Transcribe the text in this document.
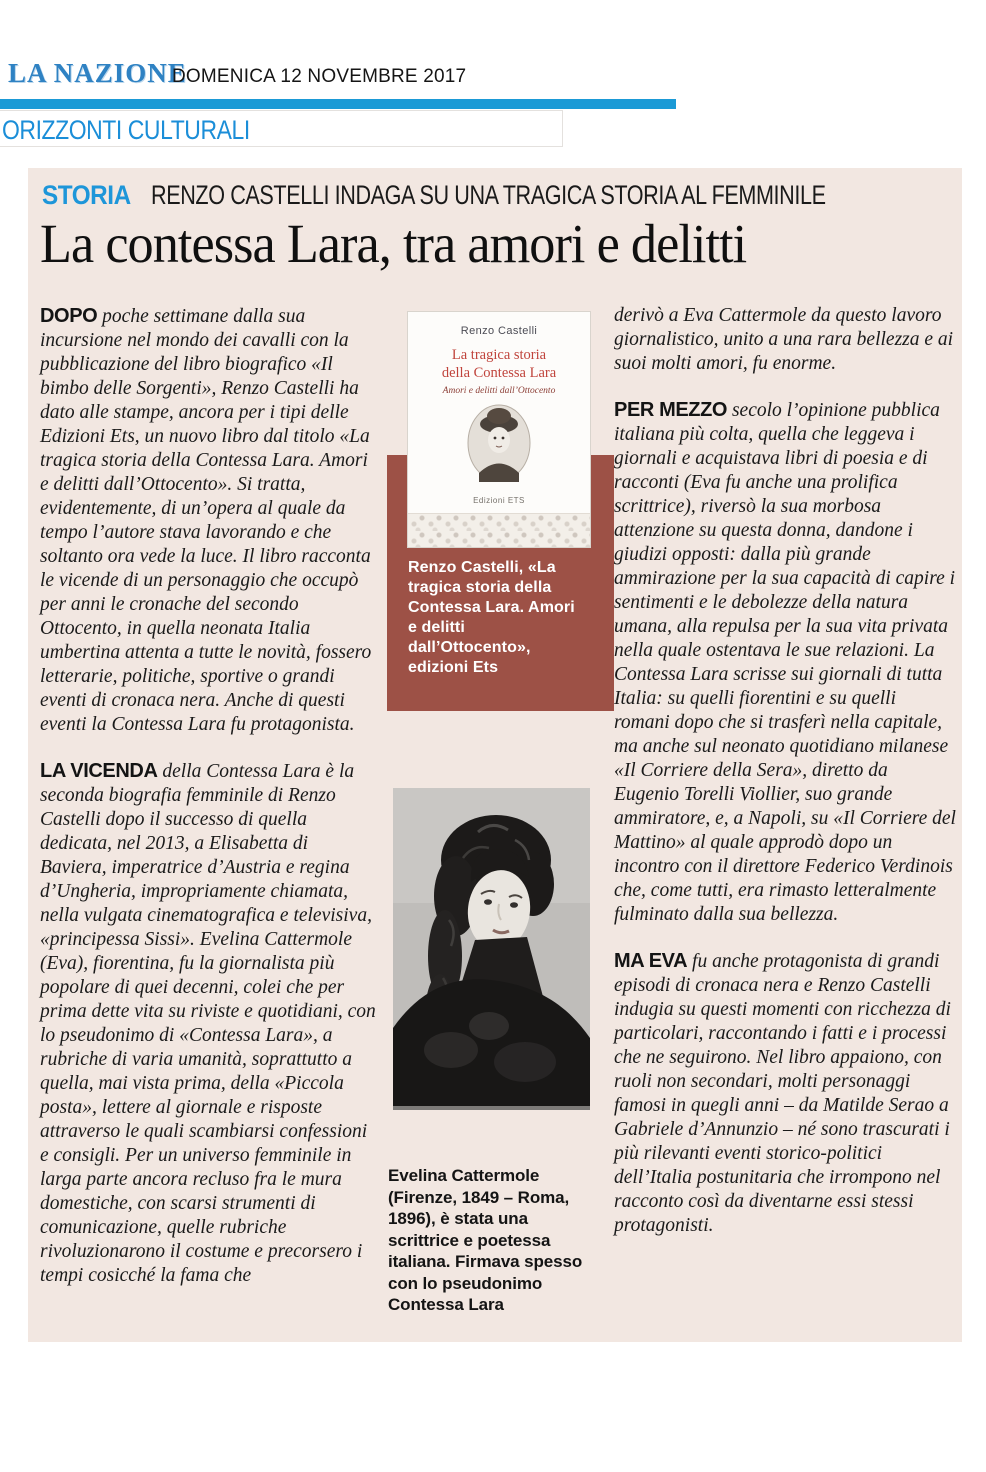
LA NAZIONE
DOMENICA 12 NOVEMBRE 2017
ORIZZONTI CULTURALI
STORIA RENZO CASTELLI INDAGA SU UNA TRAGICA STORIA AL FEMMINILE
La contessa Lara, tra amori e delitti

DOPO poche settimane dalla sua incursione nel mondo dei cavalli con la pubblicazione del libro biografico «Il bimbo delle Sorgenti», Renzo Castelli ha dato alle stampe, ancora per i tipi delle Edizioni Ets, un nuovo libro dal titolo «La tragica storia della Contessa Lara. Amori e delitti dall’Ottocento». Si tratta, evidentemente, di un’opera al quale da tempo l’autore stava lavorando e che soltanto ora vede la luce. Il libro racconta le vicende di un personaggio che occupò per anni le cronache del secondo Ottocento, in quella neonata Italia umbertina attenta a tutte le novità, fossero letterarie, politiche, sportive o grandi eventi di cronaca nera. Anche di questi eventi la Contessa Lara fu protagonista.

LA VICENDA della Contessa Lara è la seconda biografia femminile di Renzo Castelli dopo il successo di quella dedicata, nel 2013, a Elisabetta di Baviera, imperatrice d’Austria e regina d’Ungheria, impropriamente chiamata, nella vulgata cinematografica e televisiva, «principessa Sissi». Evelina Cattermole (Eva), fiorentina, fu la giornalista più popolare di quei decenni, colei che per prima dette vita su riviste e quotidiani, con lo pseudonimo di «Contessa Lara», a rubriche di varia umanità, soprattutto a quella, mai vista prima, della «Piccola posta», lettere al giornale e risposte attraverso le quali scambiarsi confessioni e consigli. Per un universo femminile in larga parte ancora recluso fra le mura domestiche, con scarsi strumenti di comunicazione, quelle rubriche rivoluzionarono il costume e precorsero i tempi cosicché la fama che

derivò a Eva Cattermole da questo lavoro giornalistico, unito a una rara bellezza e ai suoi molti amori, fu enorme.

PER MEZZO secolo l’opinione pubblica italiana più colta, quella che leggeva i giornali e acquistava libri di poesia e di racconti (Eva fu anche una prolifica scrittrice), riversò la sua morbosa attenzione su questa donna, dandone i giudizi opposti: dalla più grande ammirazione per la sua capacità di capire i sentimenti e le debolezze della natura umana, alla repulsa per la sua vita privata nella quale ostentava le sue relazioni. La Contessa Lara scrisse sui giornali di tutta Italia: su quelli fiorentini e su quelli romani dopo che si trasferì nella capitale, ma anche sul neonato quotidiano milanese «Il Corriere della Sera», diretto da Eugenio Torelli Viollier, suo grande ammiratore, e, a Napoli, su «Il Corriere del Mattino» al quale approdò dopo un incontro con il direttore Federico Verdinois che, come tutti, era rimasto letteralmente fulminato dalla sua bellezza.

MA EVA fu anche protagonista di grandi episodi di cronaca nera e Renzo Castelli indugia su questi momenti con ricchezza di particolari, raccontando i fatti e i processi che ne seguirono. Nel libro appaiono, con ruoli non secondari, molti personaggi famosi in quegli anni – da Matilde Serao a Gabriele d’Annunzio – né sono trascurati i più rilevanti eventi storico-politici dell’Italia postunitaria che irrompono nel racconto così da diventarne essi stessi protagonisti.

Renzo Castelli, «La tragica storia della Contessa Lara. Amori e delitti dall’Ottocento», edizioni Ets
Renzo Castelli
La tragica storia
della Contessa Lara
Amori e delitti dall’Ottocento
Edizioni ETS
Evelina Cattermole (Firenze, 1849 – Roma, 1896), è stata una scrittrice e poetessa italiana. Firmava spesso con lo pseudonimo Contessa Lara
